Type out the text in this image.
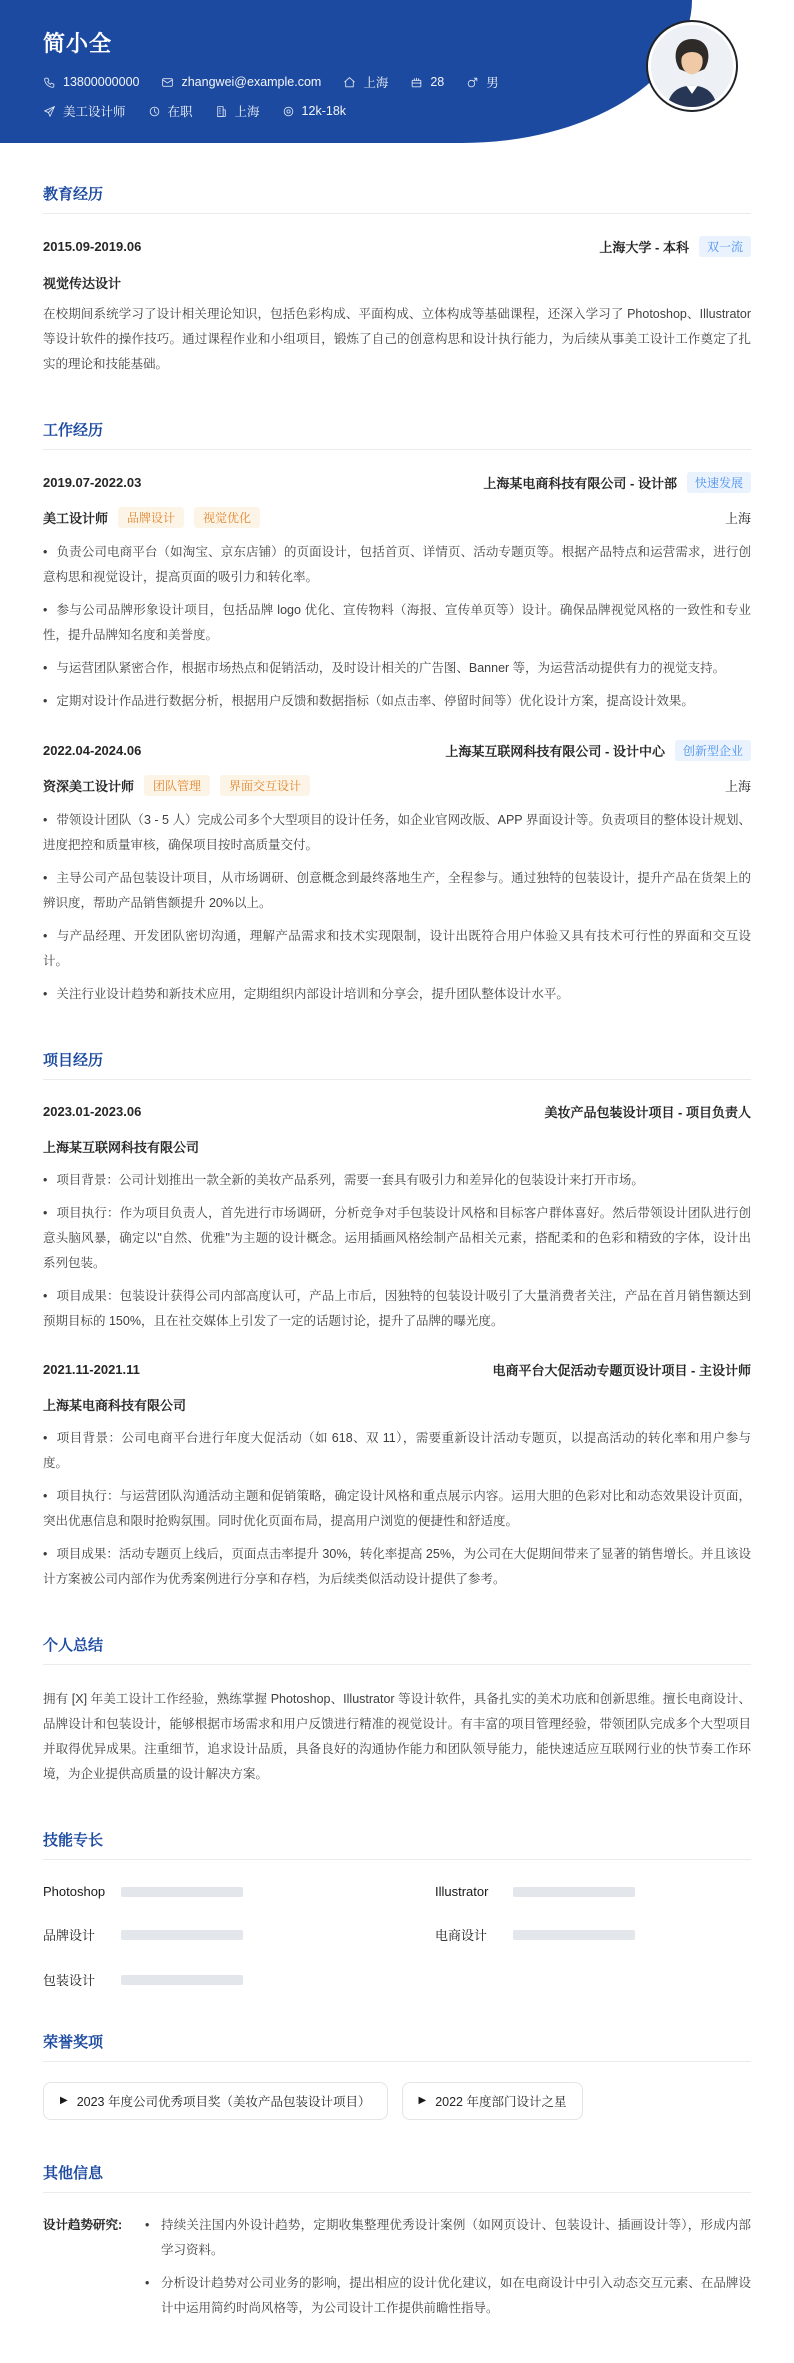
简小全
13800000000	zhangwei@example.com	上海	28	男
美工设计师	在职	上海	12k-18k
教育经历
2015.09-2019.06	上海大学 - 本科	双一流
视觉传达设计

在校期间系统学习了设计相关理论知识，包括色彩构成、平面构成、立体构成等基础课程，还深入学习了 Photoshop、Illustrator 等设计软件的操作技巧。通过课程作业和小组项目，锻炼了自己的创意构思和设计执行能力，为后续从事美工设计工作奠定了扎实的理论和技能基础。

工作经历
2019.07-2022.03	上海某电商科技有限公司 - 设计部	快速发展
美工设计师	品牌设计	视觉优化	上海

• 负责公司电商平台（如淘宝、京东店铺）的页面设计，包括首页、详情页、活动专题页等。根据产品特点和运营需求，进行创意构思和视觉设计，提高页面的吸引力和转化率。

• 参与公司品牌形象设计项目，包括品牌 logo 优化、宣传物料（海报、宣传单页等）设计。确保品牌视觉风格的一致性和专业性，提升品牌知名度和美誉度。

• 与运营团队紧密合作，根据市场热点和促销活动，及时设计相关的广告图、Banner 等，为运营活动提供有力的视觉支持。

• 定期对设计作品进行数据分析，根据用户反馈和数据指标（如点击率、停留时间等）优化设计方案，提高设计效果。

2022.04-2024.06	上海某互联网科技有限公司 - 设计中心	创新型企业
资深美工设计师	团队管理	界面交互设计	上海

• 带领设计团队（3 - 5 人）完成公司多个大型项目的设计任务，如企业官网改版、APP 界面设计等。负责项目的整体设计规划、进度把控和质量审核，确保项目按时高质量交付。

• 主导公司产品包装设计项目，从市场调研、创意概念到最终落地生产，全程参与。通过独特的包装设计，提升产品在货架上的辨识度，帮助产品销售额提升 20%以上。

• 与产品经理、开发团队密切沟通，理解产品需求和技术实现限制，设计出既符合用户体验又具有技术可行性的界面和交互设计。

• 关注行业设计趋势和新技术应用，定期组织内部设计培训和分享会，提升团队整体设计水平。

项目经历
2023.01-2023.06	美妆产品包装设计项目 - 项目负责人
上海某互联网科技有限公司

• 项目背景：公司计划推出一款全新的美妆产品系列，需要一套具有吸引力和差异化的包装设计来打开市场。

• 项目执行：作为项目负责人，首先进行市场调研，分析竞争对手包装设计风格和目标客户群体喜好。然后带领设计团队进行创意头脑风暴，确定以"自然、优雅"为主题的设计概念。运用插画风格绘制产品相关元素，搭配柔和的色彩和精致的字体，设计出系列包装。

• 项目成果：包装设计获得公司内部高度认可，产品上市后，因独特的包装设计吸引了大量消费者关注，产品在首月销售额达到预期目标的 150%，且在社交媒体上引发了一定的话题讨论，提升了品牌的曝光度。

2021.11-2021.11	电商平台大促活动专题页设计项目 - 主设计师
上海某电商科技有限公司

• 项目背景：公司电商平台进行年度大促活动（如 618、双 11），需要重新设计活动专题页，以提高活动的转化率和用户参与度。

• 项目执行：与运营团队沟通活动主题和促销策略，确定设计风格和重点展示内容。运用大胆的色彩对比和动态效果设计页面，突出优惠信息和限时抢购氛围。同时优化页面布局，提高用户浏览的便捷性和舒适度。

• 项目成果：活动专题页上线后，页面点击率提升 30%，转化率提高 25%，为公司在大促期间带来了显著的销售增长。并且该设计方案被公司内部作为优秀案例进行分享和存档，为后续类似活动设计提供了参考。

个人总结

拥有 [X] 年美工设计工作经验，熟练掌握 Photoshop、Illustrator 等设计软件，具备扎实的美术功底和创新思维。擅长电商设计、品牌设计和包装设计，能够根据市场需求和用户反馈进行精准的视觉设计。有丰富的项目管理经验，带领团队完成多个大型项目并取得优异成果。注重细节，追求设计品质，具备良好的沟通协作能力和团队领导能力，能快速适应互联网行业的快节奏工作环境，为企业提供高质量的设计解决方案。

技能专长
Photoshop	Illustrator
品牌设计	电商设计
包装设计
荣誉奖项
▶ 2023 年度公司优秀项目奖（美妆产品包装设计项目）	▶ 2022 年度部门设计之星
其他信息
设计趋势研究:	• 持续关注国内外设计趋势，定期收集整理优秀设计案例（如网页设计、包装设计、插画设计等），形成内部学习资料。

• 分析设计趋势对公司业务的影响，提出相应的设计优化建议，如在电商设计中引入动态交互元素、在品牌设计中运用简约时尚风格等，为公司设计工作提供前瞻性指导。
